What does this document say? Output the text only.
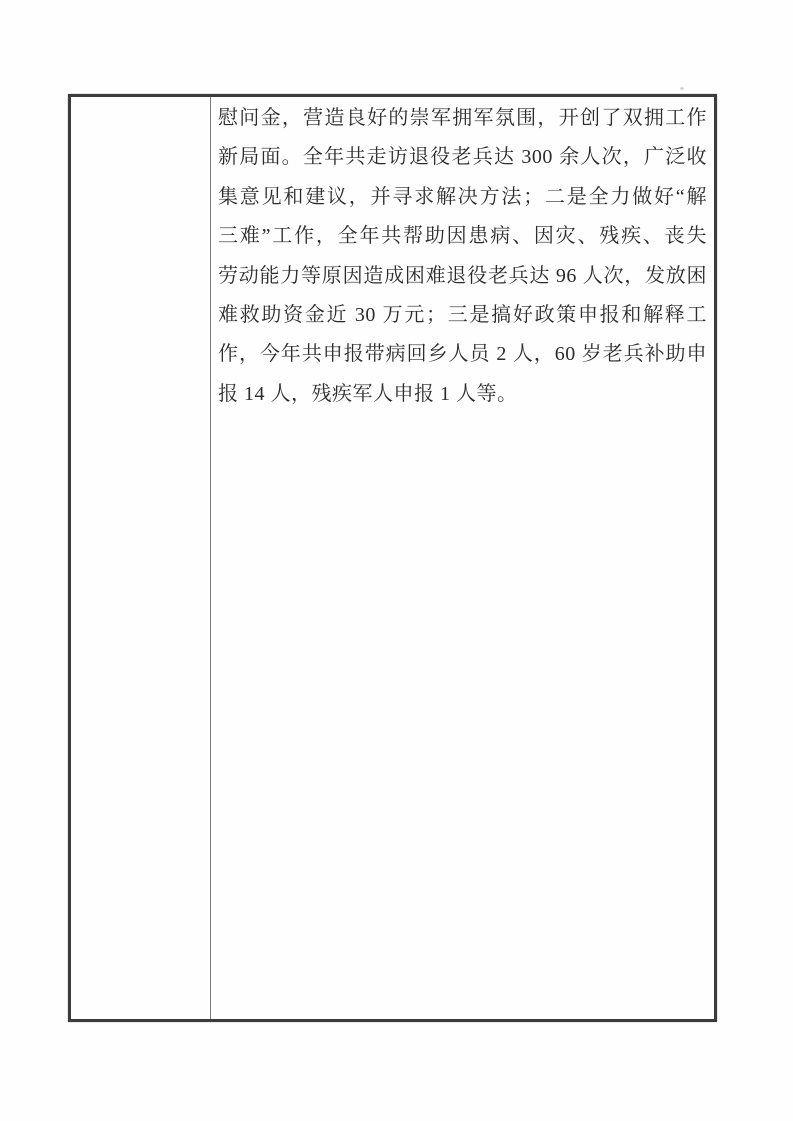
慰问金，营造良好的崇军拥军氛围，开创了双拥工作
新局面。全年共走访退役老兵达 300 余人次，广泛收
集意见和建议，并寻求解决方法；二是全力做好“解
三难”工作，全年共帮助因患病、因灾、残疾、丧失
劳动能力等原因造成困难退役老兵达 96 人次，发放困
难救助资金近 30 万元；三是搞好政策申报和解释工
作，今年共申报带病回乡人员 2 人，60 岁老兵补助申
报 14 人，残疾军人申报 1 人等。
